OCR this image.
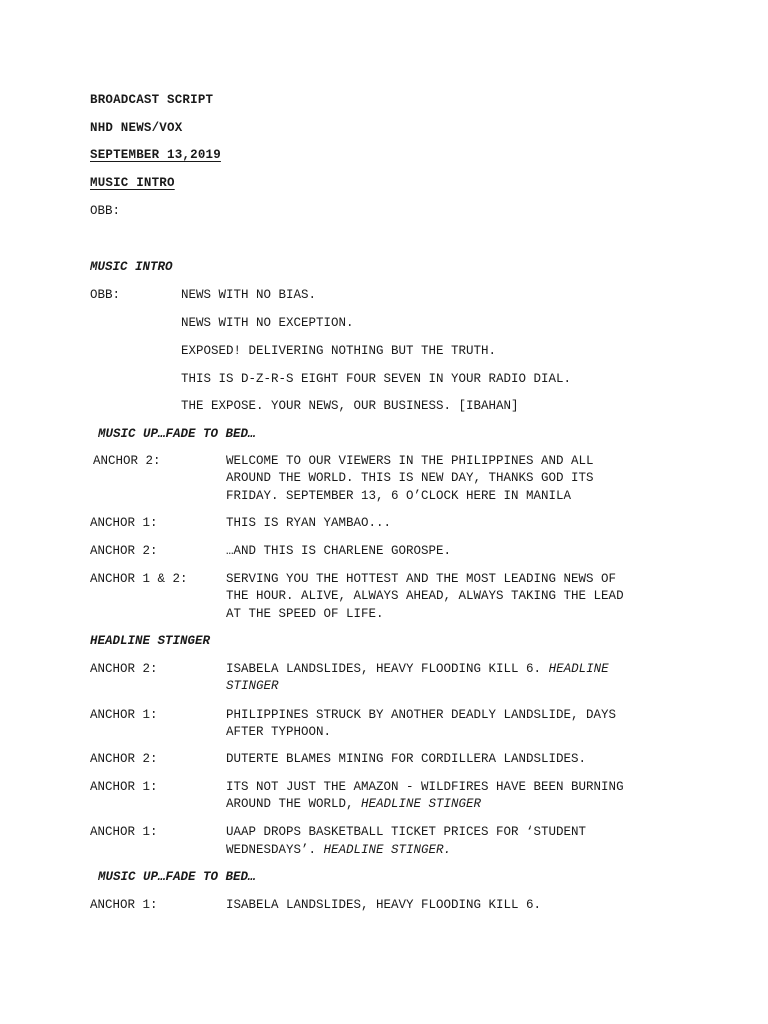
BROADCAST SCRIPT
NHD NEWS/VOX
SEPTEMBER 13,2019
MUSIC INTRO
OBB:
MUSIC INTRO
OBB:	NEWS WITH NO BIAS.
NEWS WITH NO EXCEPTION.
EXPOSED! DELIVERING NOTHING BUT THE TRUTH.
THIS IS D-Z-R-S EIGHT FOUR SEVEN IN YOUR RADIO DIAL.
THE EXPOSE. YOUR NEWS, OUR BUSINESS. [IBAHAN]
MUSIC UP…FADE TO BED…
ANCHOR 2:	WELCOME TO OUR VIEWERS IN THE PHILIPPINES AND ALL
AROUND THE WORLD. THIS IS NEW DAY, THANKS GOD ITS
FRIDAY. SEPTEMBER 13, 6 O’CLOCK HERE IN MANILA
ANCHOR 1:	THIS IS RYAN YAMBAO...
ANCHOR 2:	…AND THIS IS CHARLENE GOROSPE.
ANCHOR 1 & 2:	SERVING YOU THE HOTTEST AND THE MOST LEADING NEWS OF
THE HOUR. ALIVE, ALWAYS AHEAD, ALWAYS TAKING THE LEAD
AT THE SPEED OF LIFE.
HEADLINE STINGER
ANCHOR 2:	ISABELA LANDSLIDES, HEAVY FLOODING KILL 6. HEADLINE
STINGER
ANCHOR 1:	PHILIPPINES STRUCK BY ANOTHER DEADLY LANDSLIDE, DAYS
AFTER TYPHOON.
ANCHOR 2:	DUTERTE BLAMES MINING FOR CORDILLERA LANDSLIDES.
ANCHOR 1:	ITS NOT JUST THE AMAZON - WILDFIRES HAVE BEEN BURNING
AROUND THE WORLD, HEADLINE STINGER
ANCHOR 1:	UAAP DROPS BASKETBALL TICKET PRICES FOR ‘STUDENT
WEDNESDAYS’. HEADLINE STINGER.
MUSIC UP…FADE TO BED…
ANCHOR 1:	ISABELA LANDSLIDES, HEAVY FLOODING KILL 6.
